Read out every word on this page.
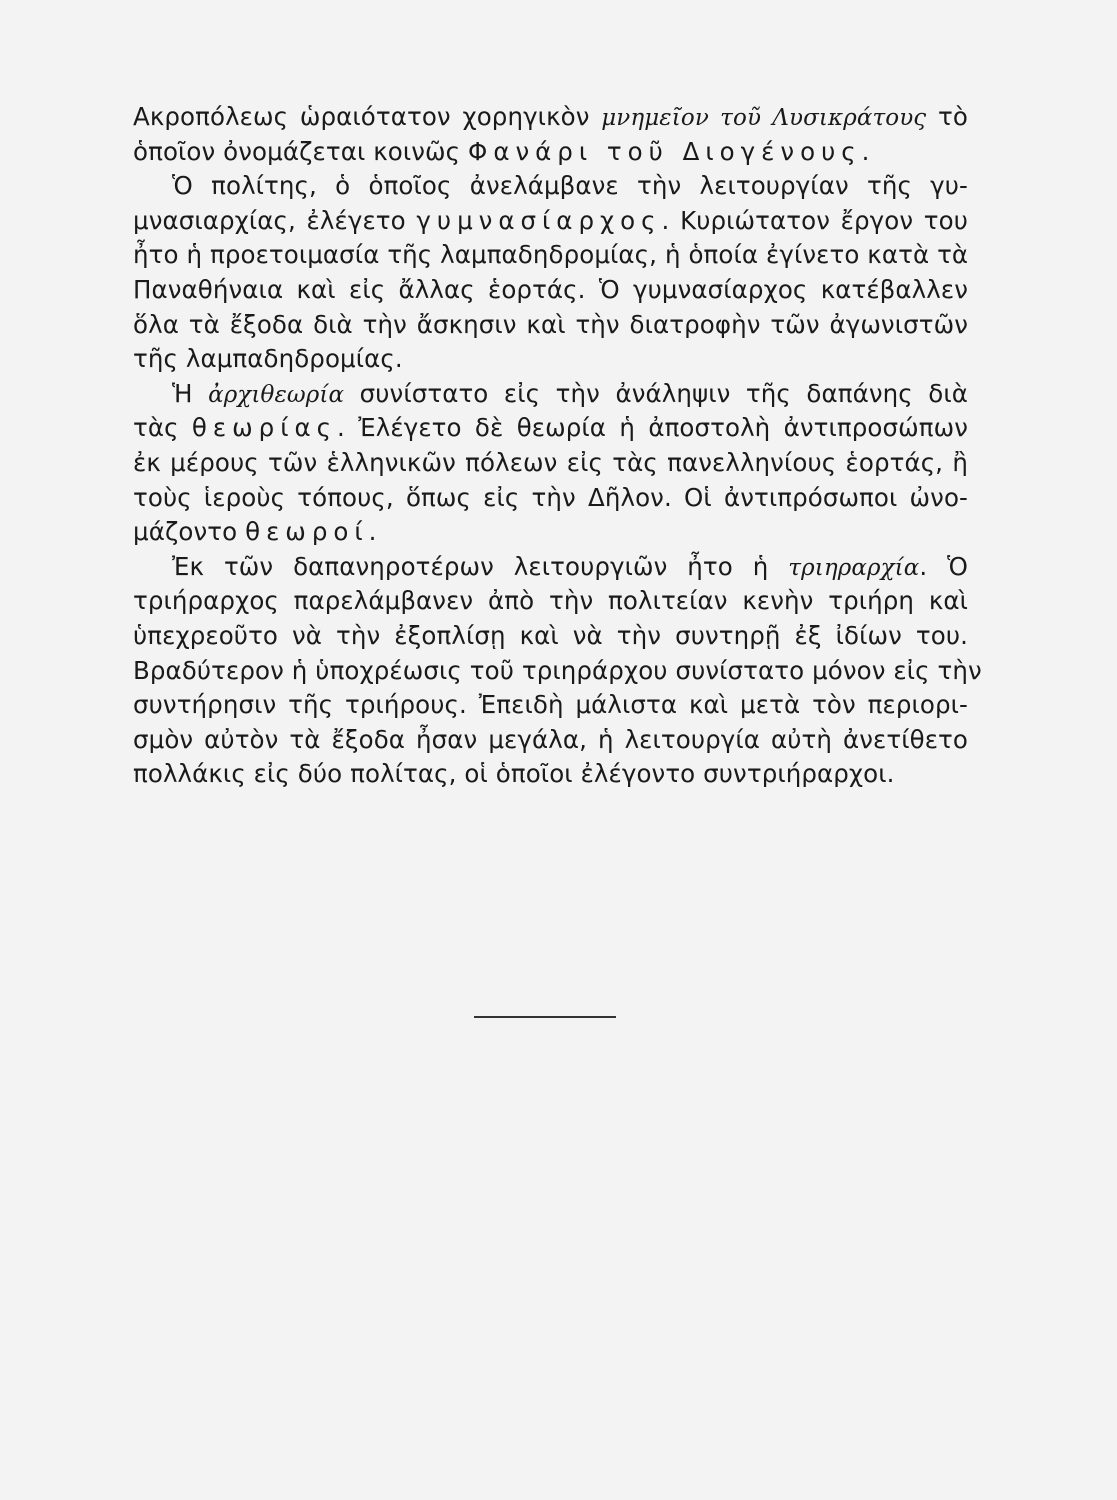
Ακροπόλεως ὡραιότατον χορηγικὸν μνημεῖον τοῦ Λυσικράτους τὸ
ὁποῖον ὀνομάζεται κοινῶς Φανάρι τοῦ Διογένους.
Ὁ πολίτης, ὁ ὁποῖος ἀνελάμβανε τὴν λειτουργίαν τῆς γυ-
μνασιαρχίας, ἐλέγετο γυμνασίαρχος. Κυριώτατον ἔργον του
ἦτο ἡ προετοιμασία τῆς λαμπαδηδρομίας, ἡ ὁποία ἐγίνετο κατὰ τὰ
Παναθήναια καὶ εἰς ἄλλας ἑορτάς. Ὁ γυμνασίαρχος κατέβαλλεν
ὅλα τὰ ἔξοδα διὰ τὴν ἄσκησιν καὶ τὴν διατροφὴν τῶν ἀγωνιστῶν
τῆς λαμπαδηδρομίας.
Ἡ ἀρχιθεωρία συνίστατο εἰς τὴν ἀνάληψιν τῆς δαπάνης διὰ
τὰς θεωρίας. Ἐλέγετο δὲ θεωρία ἡ ἀποστολὴ ἀντιπροσώπων
ἐκ μέρους τῶν ἑλληνικῶν πόλεων εἰς τὰς πανελληνίους ἑορτάς, ἢ
τοὺς ἱεροὺς τόπους, ὅπως εἰς τὴν Δῆλον. Οἱ ἀντιπρόσωποι ὠνο-
μάζοντο θεωροί.
Ἐκ τῶν δαπανηροτέρων λειτουργιῶν ἦτο ἡ τριηραρχία. Ὁ
τριήραρχος παρελάμβανεν ἀπὸ τὴν πολιτείαν κενὴν τριήρη καὶ
ὑπεχρεοῦτο νὰ τὴν ἐξοπλίσῃ καὶ νὰ τὴν συντηρῇ ἐξ ἰδίων του.
Βραδύτερον ἡ ὑποχρέωσις τοῦ τριηράρχου συνίστατο μόνον εἰς τὴν
συντήρησιν τῆς τριήρους. Ἐπειδὴ μάλιστα καὶ μετὰ τὸν περιορι-
σμὸν αὐτὸν τὰ ἔξοδα ἦσαν μεγάλα, ἡ λειτουργία αὐτὴ ἀνετίθετο
πολλάκις εἰς δύο πολίτας, οἱ ὁποῖοι ἐλέγοντο συντριήραρχοι.
